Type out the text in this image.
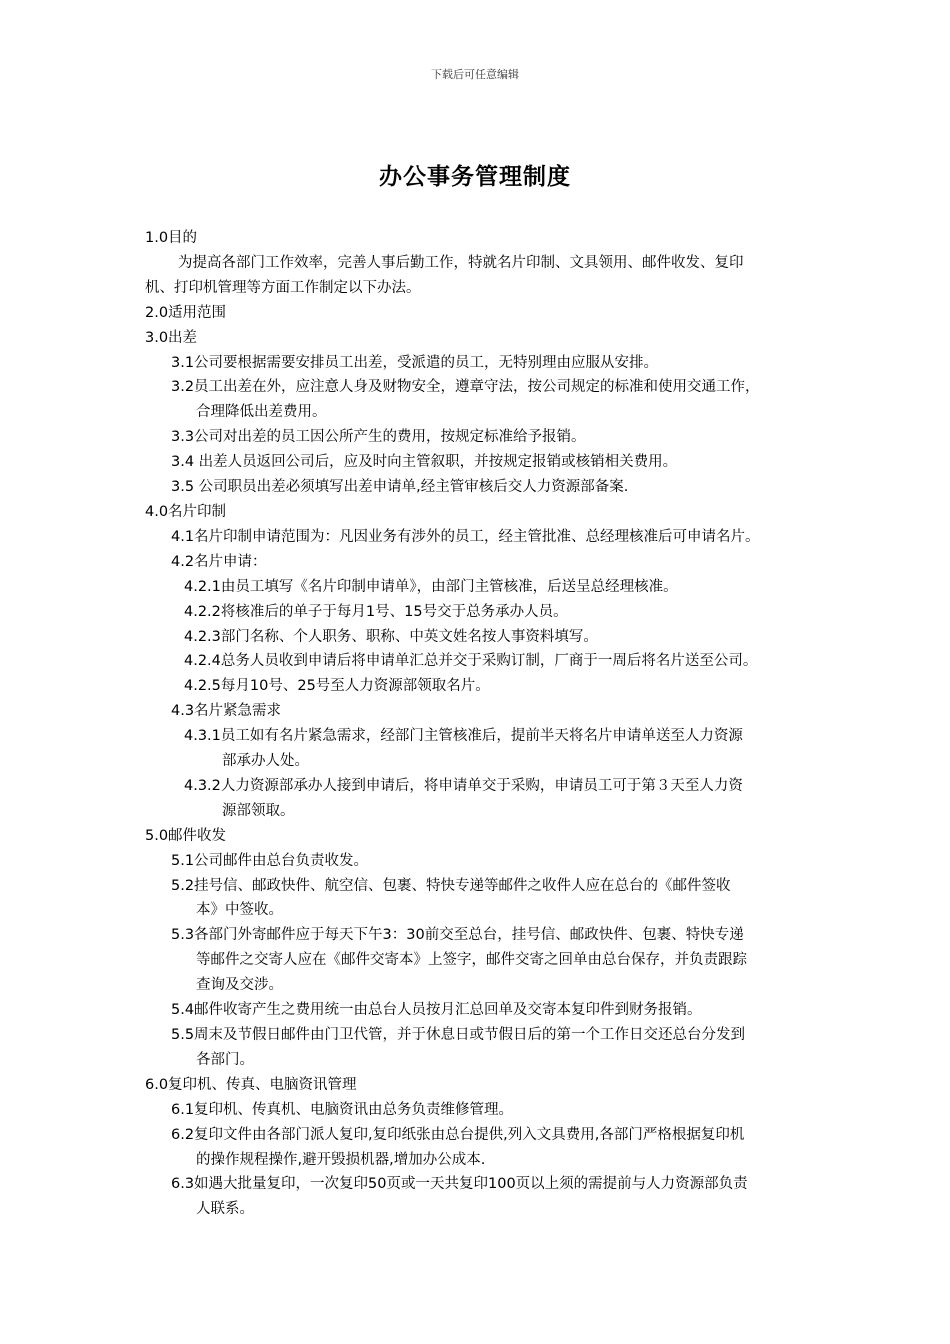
下载后可任意编辑
办公事务管理制度
1.0目的
为提高各部门工作效率，完善人事后勤工作，特就名片印制、文具领用、邮件收发、复印
机、打印机管理等方面工作制定以下办法。
2.0适用范围
3.0出差
3.1公司要根据需要安排员工出差，受派遣的员工，无特别理由应服从安排。
3.2员工出差在外，应注意人身及财物安全，遵章守法，按公司规定的标准和使用交通工作，
合理降低出差费用。
3.3公司对出差的员工因公所产生的费用，按规定标准给予报销。
3.4 出差人员返回公司后，应及时向主管叙职，并按规定报销或核销相关费用。
3.5 公司职员出差必须填写出差申请单,经主管审核后交人力资源部备案.
4.0名片印制
4.1名片印制申请范围为：凡因业务有涉外的员工，经主管批准、总经理核准后可申请名片。
4.2名片申请：
4.2.1由员工填写《名片印制申请单》，由部门主管核准，后送呈总经理核准。
4.2.2将核准后的单子于每月1号、15号交于总务承办人员。
4.2.3部门名称、个人职务、职称、中英文姓名按人事资料填写。
4.2.4总务人员收到申请后将申请单汇总并交于采购订制，厂商于一周后将名片送至公司。
4.2.5每月10号、25号至人力资源部领取名片。
4.3名片紧急需求
4.3.1员工如有名片紧急需求，经部门主管核准后，提前半天将名片申请单送至人力资源
部承办人处。
4.3.2人力资源部承办人接到申请后，将申请单交于采购，申请员工可于第３天至人力资
源部领取。
5.0邮件收发
5.1公司邮件由总台负责收发。
5.2挂号信、邮政快件、航空信、包裹、特快专递等邮件之收件人应在总台的《邮件签收
本》中签收。
5.3各部门外寄邮件应于每天下午3：30前交至总台，挂号信、邮政快件、包裹、特快专递
等邮件之交寄人应在《邮件交寄本》上签字，邮件交寄之回单由总台保存，并负责跟踪
查询及交涉。
5.4邮件收寄产生之费用统一由总台人员按月汇总回单及交寄本复印件到财务报销。
5.5周末及节假日邮件由门卫代管，并于休息日或节假日后的第一个工作日交还总台分发到
各部门。
6.0复印机、传真、电脑资讯管理
6.1复印机、传真机、电脑资讯由总务负责维修管理。
6.2复印文件由各部门派人复印,复印纸张由总台提供,列入文具费用,各部门严格根据复印机
的操作规程操作,避开毁损机器,增加办公成本.
6.3如遇大批量复印，一次复印50页或一天共复印100页以上须的需提前与人力资源部负责
人联系。
